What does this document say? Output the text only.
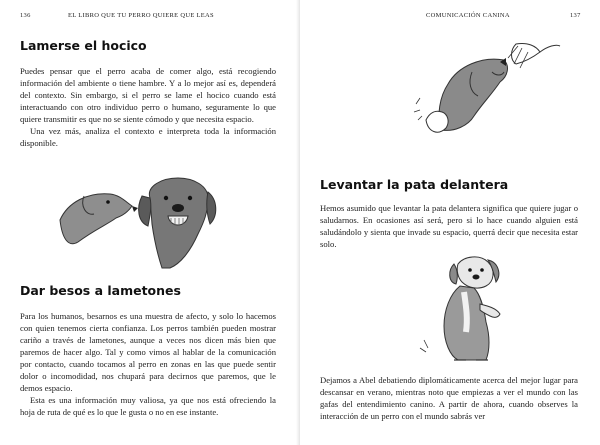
136	EL LIBRO QUE TU PERRO QUIERE QUE LEAS
Lamerse el hocico

Puedes pensar que el perro acaba de comer algo, está recogiendo información del ambiente o tiene hambre. Y a lo mejor así es, dependerá del contexto. Sin embargo, si el perro se lame el hocico cuando está interactuando con otro individuo perro o humano, seguramente lo que quiere transmitir es que no se siente cómodo y que necesita espacio.

Una vez más, analiza el contexto e interpreta toda la información disponible.

Dar besos a lametones

Para los humanos, besarnos es una muestra de afecto, y solo lo hacemos con quien tenemos cierta confianza. Los perros también pueden mostrar cariño a través de lametones, aunque a veces nos dicen más bien que paremos de hacer algo. Tal y como vimos al hablar de la comunicación por contacto, cuando tocamos al perro en zonas en las que puede sentir dolor o incomodidad, nos chupará para decirnos que paremos, que le demos espacio.

Esta es una información muy valiosa, ya que nos está ofreciendo la hoja de ruta de qué es lo que le gusta o no en ese instante.

COMUNICACIÓN CANINA	137
Levantar la pata delantera

Hemos asumido que levantar la pata delantera significa que quiere jugar o saludarnos. En ocasiones así será, pero si lo hace cuando alguien está saludándolo y sienta que invade su espacio, querrá decir que necesita estar solo.

Dejamos a Abel debatiendo diplomáticamente acerca del mejor lugar para descansar en verano, mientras noto que empiezas a ver el mundo con las gafas del entendimiento canino. A partir de ahora, cuando observes la interacción de un perro con el mundo sabrás ver
